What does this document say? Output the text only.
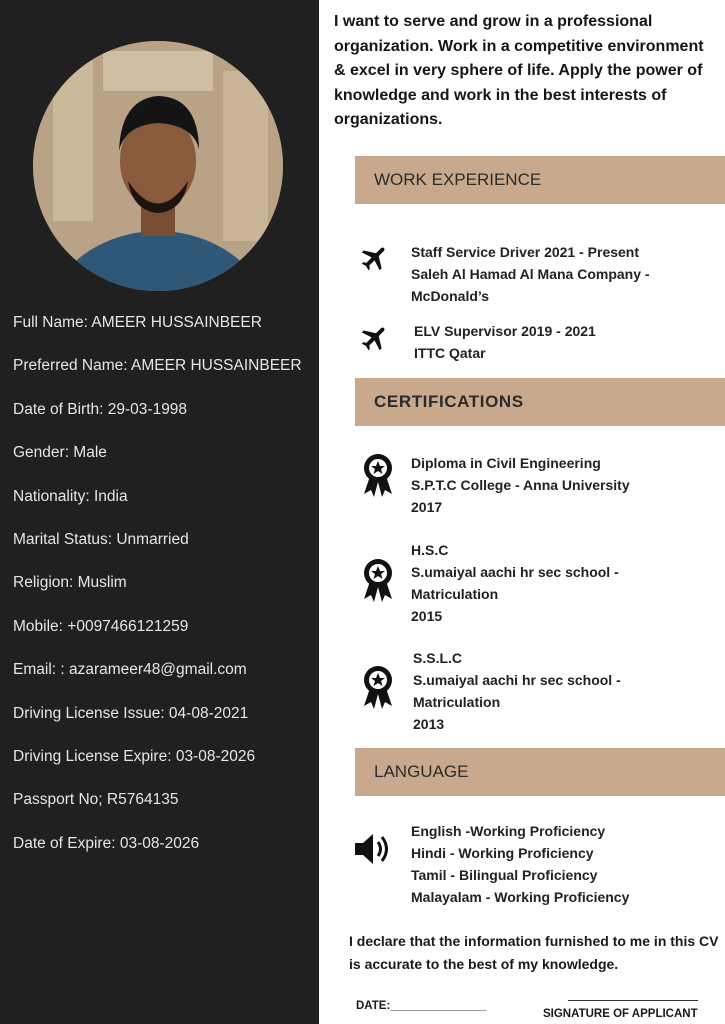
Full Name: AMEER HUSSAINBEER
Preferred Name: AMEER HUSSAINBEER
Date of Birth: 29-03-1998
Gender: Male
Nationality: India
Marital Status: Unmarried
Religion: Muslim
Mobile: +0097466121259
Email: : azarameer48@gmail.com
Driving License Issue: 04-08-2021
Driving License Expire: 03-08-2026
Passport No; R5764135
Date of Expire: 03-08-2026
I want to serve and grow in a professional organization. Work in a competitive environment & excel in very sphere of life. Apply the power of knowledge and work in the best interests of organizations.
WORK EXPERIENCE
Staff Service Driver 2021 - Present
Saleh Al Hamad Al Mana Company -
McDonald’s
ELV Supervisor 2019 - 2021
ITTC Qatar
CERTIFICATIONS
Diploma in Civil Engineering
S.P.T.C College - Anna University
2017
H.S.C
S.umaiyal aachi hr sec school -
Matriculation
2015
S.S.L.C
S.umaiyal aachi hr sec school -
Matriculation
2013
LANGUAGE
English -Working Proficiency
Hindi - Working Proficiency
Tamil - Bilingual Proficiency
Malayalam - Working Proficiency
I declare that the information furnished to me in this CV is accurate to the best of my knowledge.
DATE:_______________
SIGNATURE OF APPLICANT
